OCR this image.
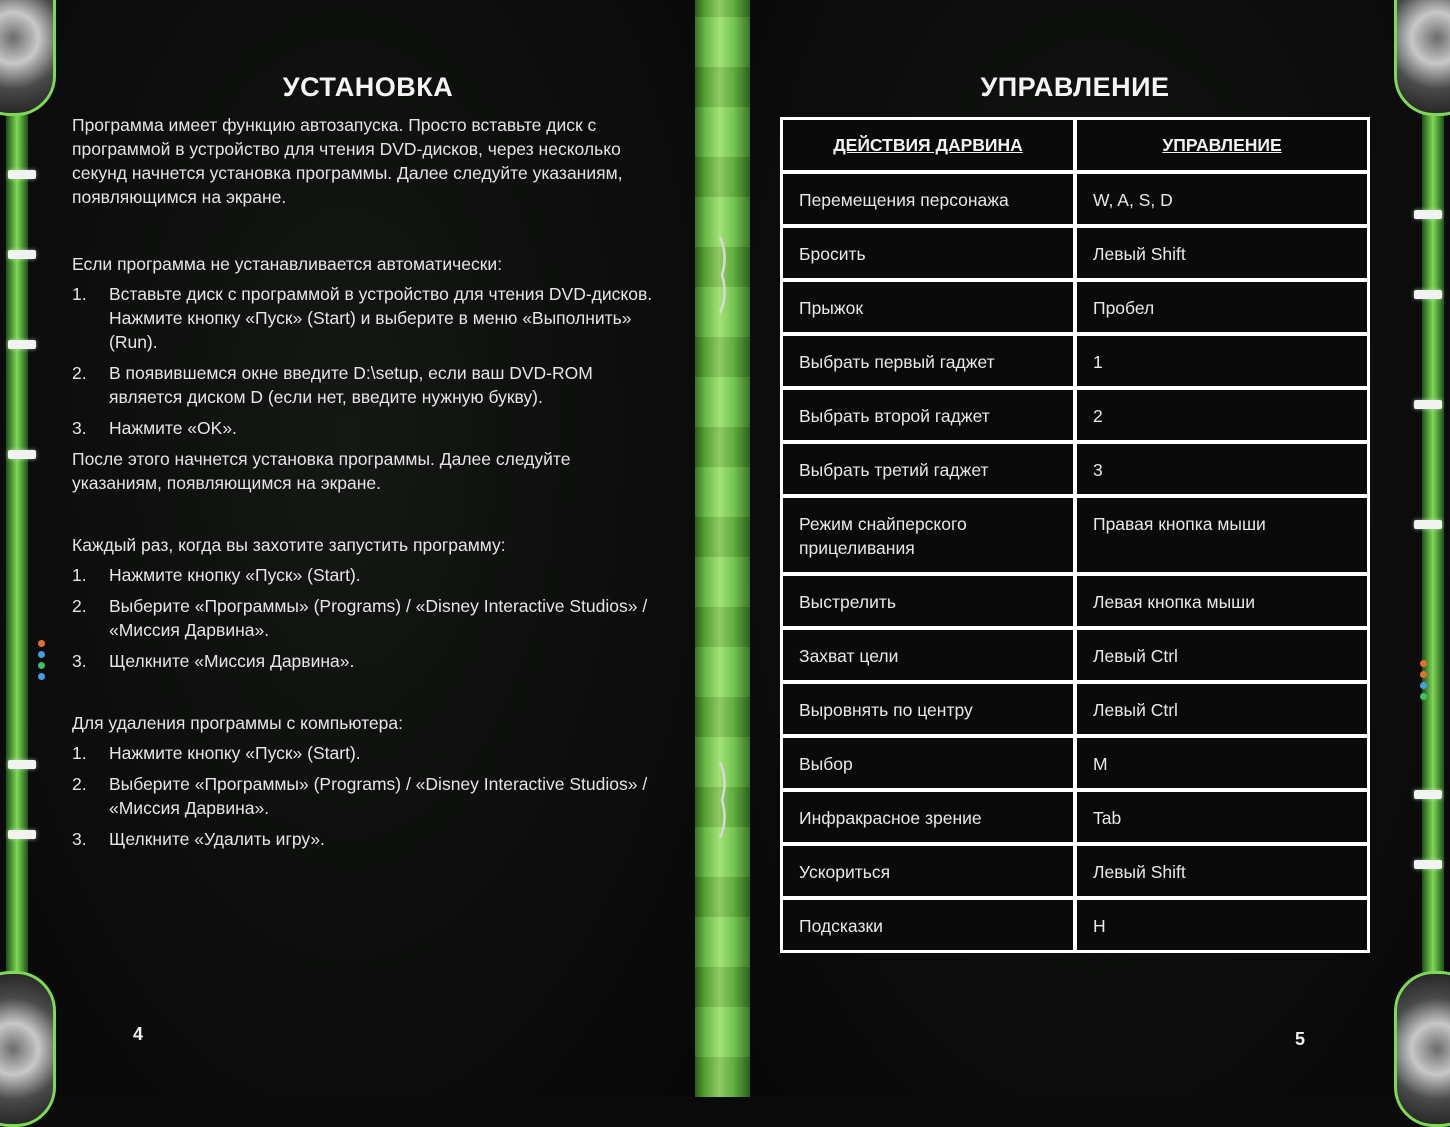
УСТАНОВКА

Программа имеет функцию автозапуска. Просто вставьте диск с программой в устройство для чтения DVD-дисков, через несколько секунд начнется установка программы. Далее следуйте указаниям, появляющимся на экране.

Если программа не устанавливается автоматически:

1.	Вставьте диск с программой в устройство для чтения DVD-дисков. Нажмите кнопку «Пуск» (Start) и выберите в меню «Выполнить» (Run).
2.	В появившемся окне введите D:\setup, если ваш DVD-ROM является диском D (если нет, введите нужную букву).
3.	Нажмите «OK».

После этого начнется установка программы. Далее следуйте указаниям, появляющимся на экране.

Каждый раз, когда вы захотите запустить программу:

1.	Нажмите кнопку «Пуск» (Start).
2.	Выберите «Программы» (Programs) / «Disney Interactive Studios» / «Миссия Дарвина».
3.	Щелкните «Миссия Дарвина».

Для удаления программы с компьютера:

1.	Нажмите кнопку «Пуск» (Start).
2.	Выберите «Программы» (Programs) / «Disney Interactive Studios» / «Миссия Дарвина».
3.	Щелкните «Удалить игру».
4
УПРАВЛЕНИЕ
ДЕЙСТВИЯ ДАРВИНА	УПРАВЛЕНИЕ
Перемещения персонажа	W, A, S, D
Бросить	Левый Shift
Прыжок	Пробел
Выбрать первый гаджет	1
Выбрать второй гаджет	2
Выбрать третий гаджет	3
Режим снайперского прицеливания	Правая кнопка мыши
Выстрелить	Левая кнопка мыши
Захват цели	Левый Ctrl
Выровнять по центру	Левый Ctrl
Выбор	M
Инфракрасное зрение	Tab
Ускориться	Левый Shift
Подсказки	H
5
